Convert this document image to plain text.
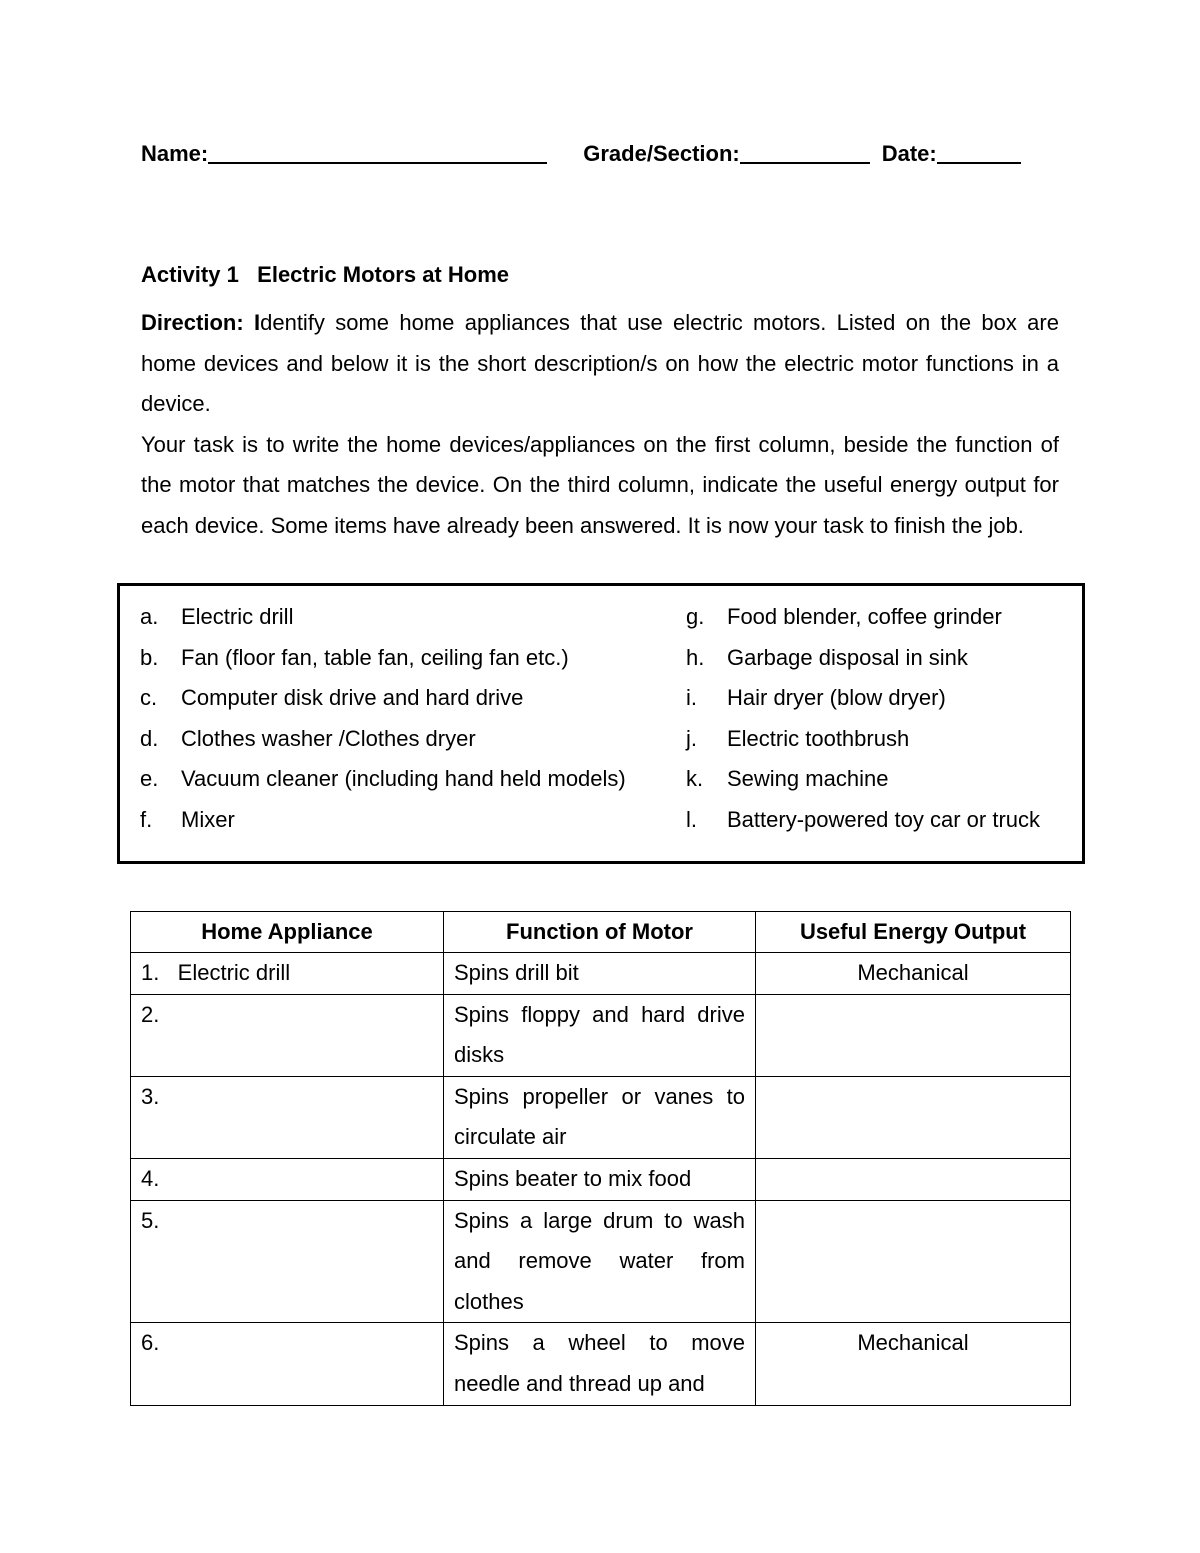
Name:	Grade/Section:	Date:
Activity 1   Electric Motors at Home

Direction: Identify some home appliances that use electric motors. Listed on the box are home devices and below it is the short description/s on how the electric motor functions in a device.

Your task is to write the home devices/appliances on the first column, beside the function of the motor that matches the device. On the third column, indicate the useful energy output for each device. Some items have already been answered. It is now your task to finish the job.

a. Electric drill
b. Fan (floor fan, table fan, ceiling fan etc.)
c. Computer disk drive and hard drive
d. Clothes washer /Clothes dryer
e. Vacuum cleaner (including hand held models)
f. Mixer
g. Food blender, coffee grinder
h. Garbage disposal in sink
i. Hair dryer (blow dryer)
j. Electric toothbrush
k. Sewing machine
l. Battery-powered toy car or truck
Home Appliance	Function of Motor	Useful Energy Output
1.   Electric drill	Spins drill bit	Mechanical
2.	Spins floppy and hard drive disks	
3.	Spins propeller or vanes to circulate air	
4.	Spins beater to mix food	
5.	Spins a large drum to wash and remove water from clothes	
6.	Spins a wheel to move needle and thread up and	Mechanical
